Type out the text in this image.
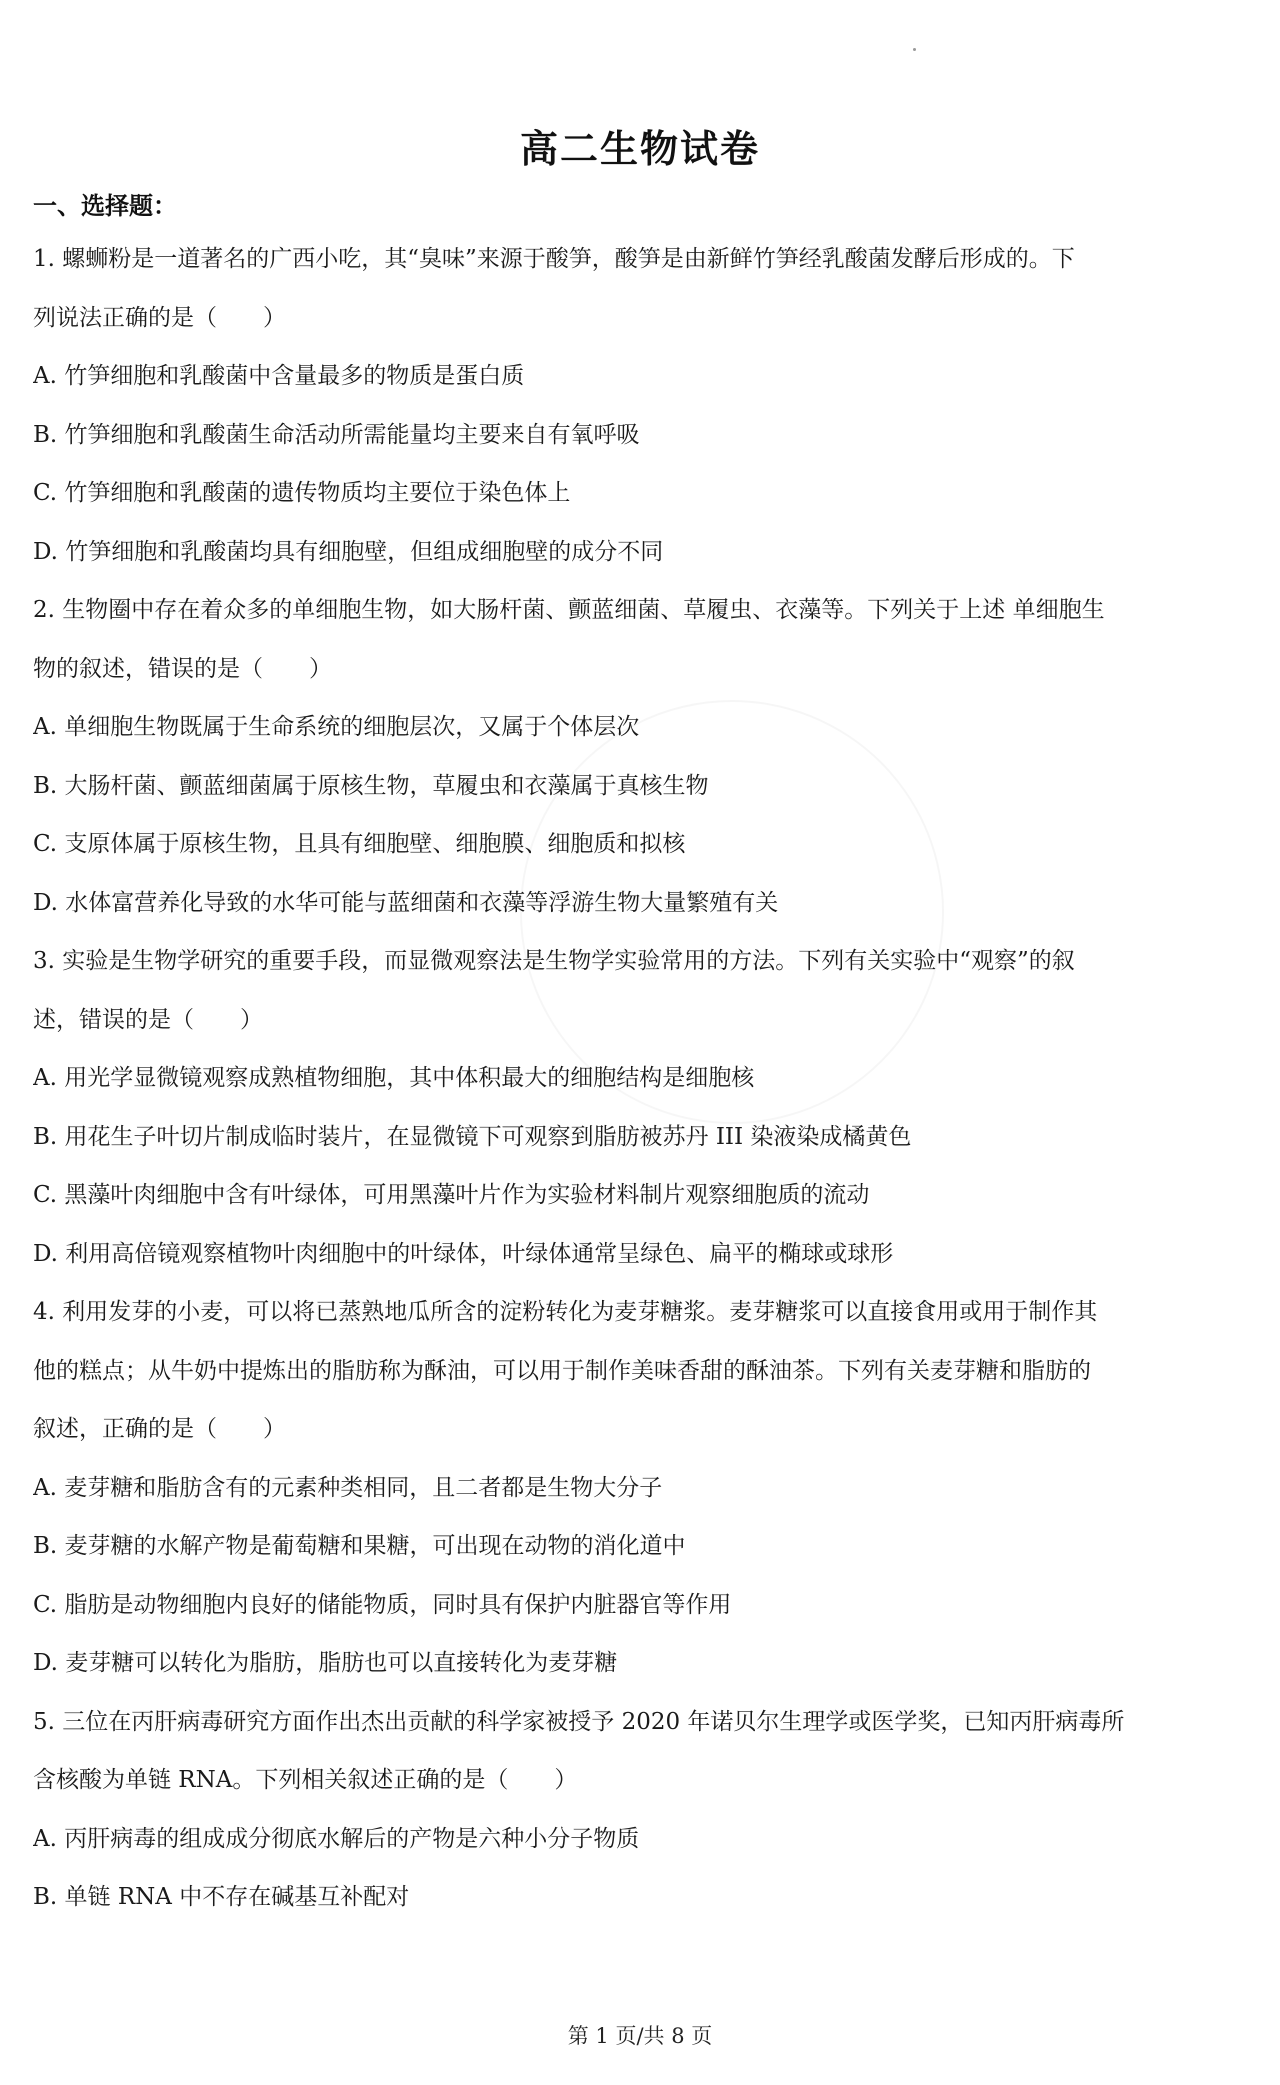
高二生物试卷
一、选择题：
1. 螺蛳粉是一道著名的广西小吃，其“臭味”来源于酸笋，酸笋是由新鲜竹笋经乳酸菌发酵后形成的。下
列说法正确的是（　　）
A. 竹笋细胞和乳酸菌中含量最多的物质是蛋白质
B. 竹笋细胞和乳酸菌生命活动所需能量均主要来自有氧呼吸
C. 竹笋细胞和乳酸菌的遗传物质均主要位于染色体上
D. 竹笋细胞和乳酸菌均具有细胞壁，但组成细胞壁的成分不同
2. 生物圈中存在着众多的单细胞生物，如大肠杆菌、颤蓝细菌、草履虫、衣藻等。下列关于上述 单细胞生
物的叙述，错误的是（　　）
A. 单细胞生物既属于生命系统的细胞层次，又属于个体层次
B. 大肠杆菌、颤蓝细菌属于原核生物，草履虫和衣藻属于真核生物
C. 支原体属于原核生物，且具有细胞壁、细胞膜、细胞质和拟核
D. 水体富营养化导致的水华可能与蓝细菌和衣藻等浮游生物大量繁殖有关
3. 实验是生物学研究的重要手段，而显微观察法是生物学实验常用的方法。下列有关实验中“观察”的叙
述，错误的是（　　）
A. 用光学显微镜观察成熟植物细胞，其中体积最大的细胞结构是细胞核
B. 用花生子叶切片制成临时装片，在显微镜下可观察到脂肪被苏丹 III 染液染成橘黄色
C. 黑藻叶肉细胞中含有叶绿体，可用黑藻叶片作为实验材料制片观察细胞质的流动
D. 利用高倍镜观察植物叶肉细胞中的叶绿体，叶绿体通常呈绿色、扁平的椭球或球形
4. 利用发芽的小麦，可以将已蒸熟地瓜所含的淀粉转化为麦芽糖浆。麦芽糖浆可以直接食用或用于制作其
他的糕点；从牛奶中提炼出的脂肪称为酥油，可以用于制作美味香甜的酥油茶。下列有关麦芽糖和脂肪的
叙述，正确的是（　　）
A. 麦芽糖和脂肪含有的元素种类相同，且二者都是生物大分子
B. 麦芽糖的水解产物是葡萄糖和果糖，可出现在动物的消化道中
C. 脂肪是动物细胞内良好的储能物质，同时具有保护内脏器官等作用
D. 麦芽糖可以转化为脂肪，脂肪也可以直接转化为麦芽糖
5. 三位在丙肝病毒研究方面作出杰出贡献的科学家被授予 2020 年诺贝尔生理学或医学奖，已知丙肝病毒所
含核酸为单链 RNA。下列相关叙述正确的是（　　）
A. 丙肝病毒的组成成分彻底水解后的产物是六种小分子物质
B. 单链 RNA 中不存在碱基互补配对
第 1 页/共 8 页
